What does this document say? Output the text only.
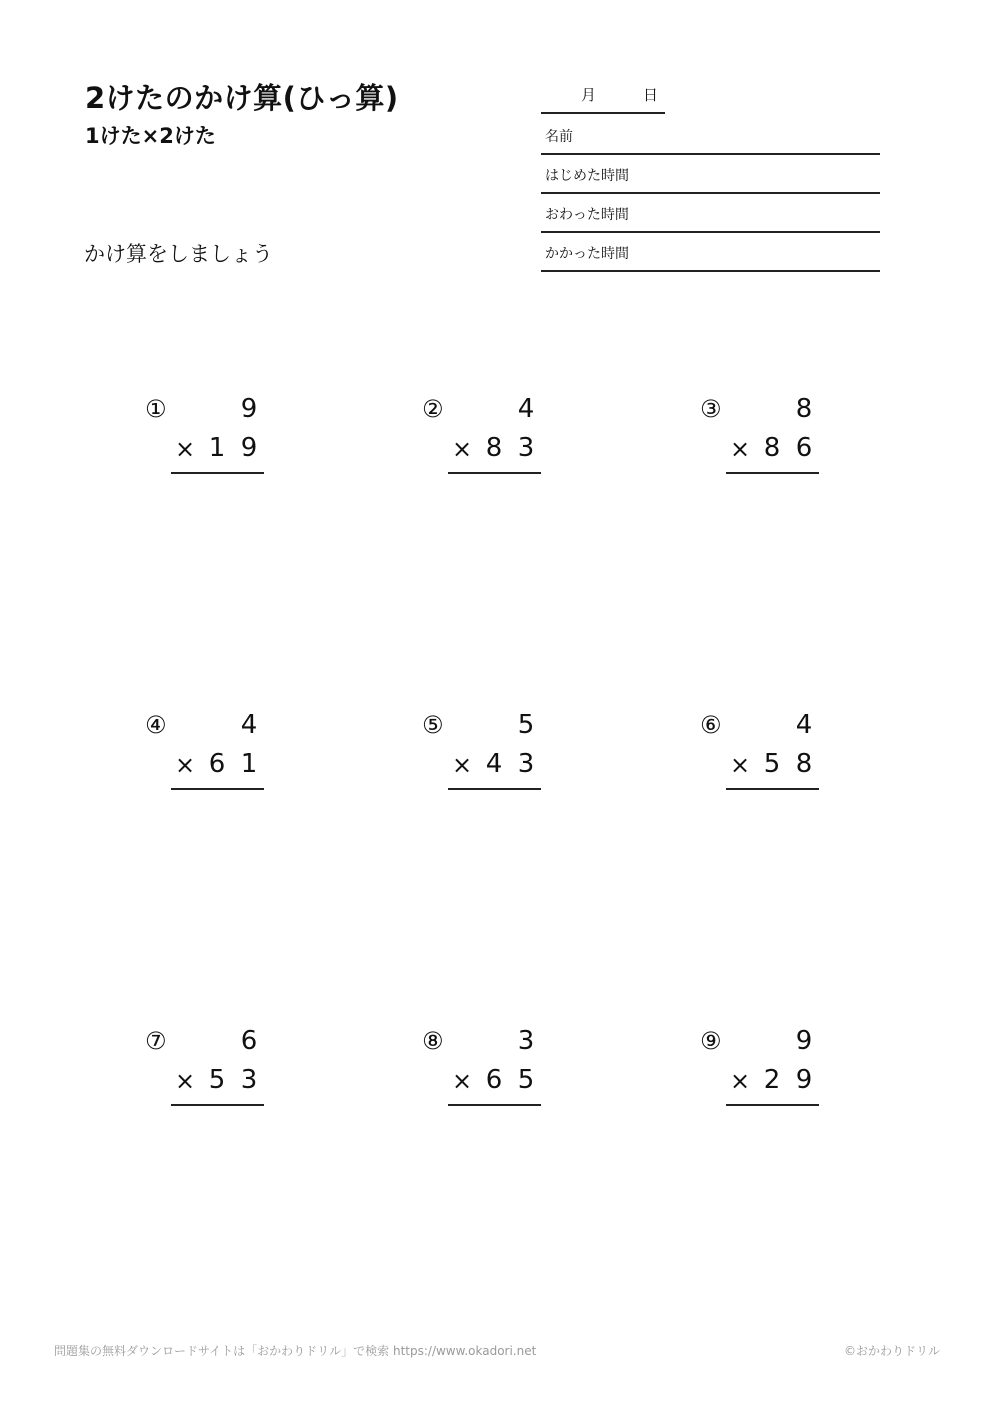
2けたのかけ算(ひっ算)
1けた×2けた
かけ算をしましょう
月	日
名前
はじめた時間
おわった時間
かかった時間
①	9
× 1 9
②	4
× 8 3
③	8
× 8 6
④	4
× 6 1
⑤	5
× 4 3
⑥	4
× 5 8
⑦	6
× 5 3
⑧	3
× 6 5
⑨	9
× 2 9
問題集の無料ダウンロードサイトは「おかわりドリル」で検索 https://www.okadori.net	©おかわりドリル
